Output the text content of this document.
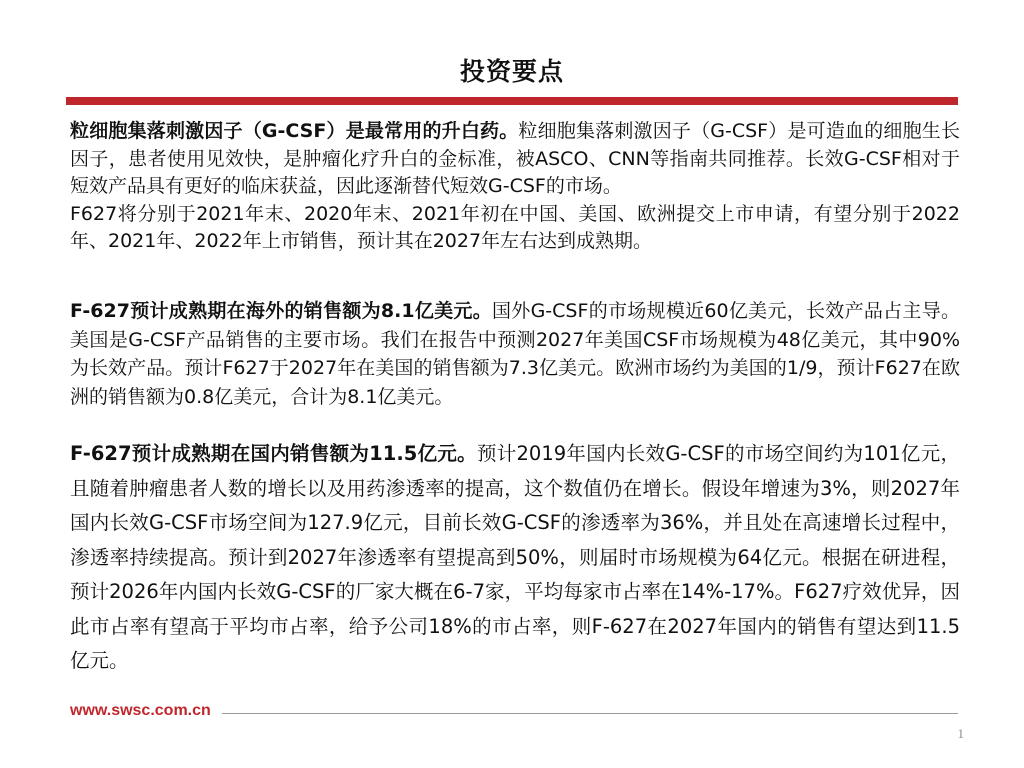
投资要点
粒细胞集落刺激因子（G-CSF）是最常用的升白药。粒细胞集落刺激因子（G-CSF）是可造血的细胞生长因子，患者使用见效快，是肿瘤化疗升白的金标准，被ASCO、CNN等指南共同推荐。长效G-CSF相对于短效产品具有更好的临床获益，因此逐渐替代短效G-CSF的市场。
F627将分别于2021年末、2020年末、2021年初在中国、美国、欧洲提交上市申请，有望分别于2022年、2021年、2022年上市销售，预计其在2027年左右达到成熟期。
F-627预计成熟期在海外的销售额为8.1亿美元。国外G-CSF的市场规模近60亿美元，长效产品占主导。美国是G-CSF产品销售的主要市场。我们在报告中预测2027年美国CSF市场规模为48亿美元，其中90%为长效产品。预计F627于2027年在美国的销售额为7.3亿美元。欧洲市场约为美国的1/9，预计F627在欧洲的销售额为0.8亿美元，合计为8.1亿美元。
F-627预计成熟期在国内销售额为11.5亿元。预计2019年国内长效G-CSF的市场空间约为101亿元，且随着肿瘤患者人数的增长以及用药渗透率的提高，这个数值仍在增长。假设年增速为3%，则2027年国内长效G-CSF市场空间为127.9亿元，目前长效G-CSF的渗透率为36%，并且处在高速增长过程中，渗透率持续提高。预计到2027年渗透率有望提高到50%，则届时市场规模为64亿元。根据在研进程，预计2026年内国内长效G-CSF的厂家大概在6-7家，平均每家市占率在14%-17%。F627疗效优异，因此市占率有望高于平均市占率，给予公司18%的市占率，则F-627在2027年国内的销售有望达到11.5亿元。
www.swsc.com.cn
1
